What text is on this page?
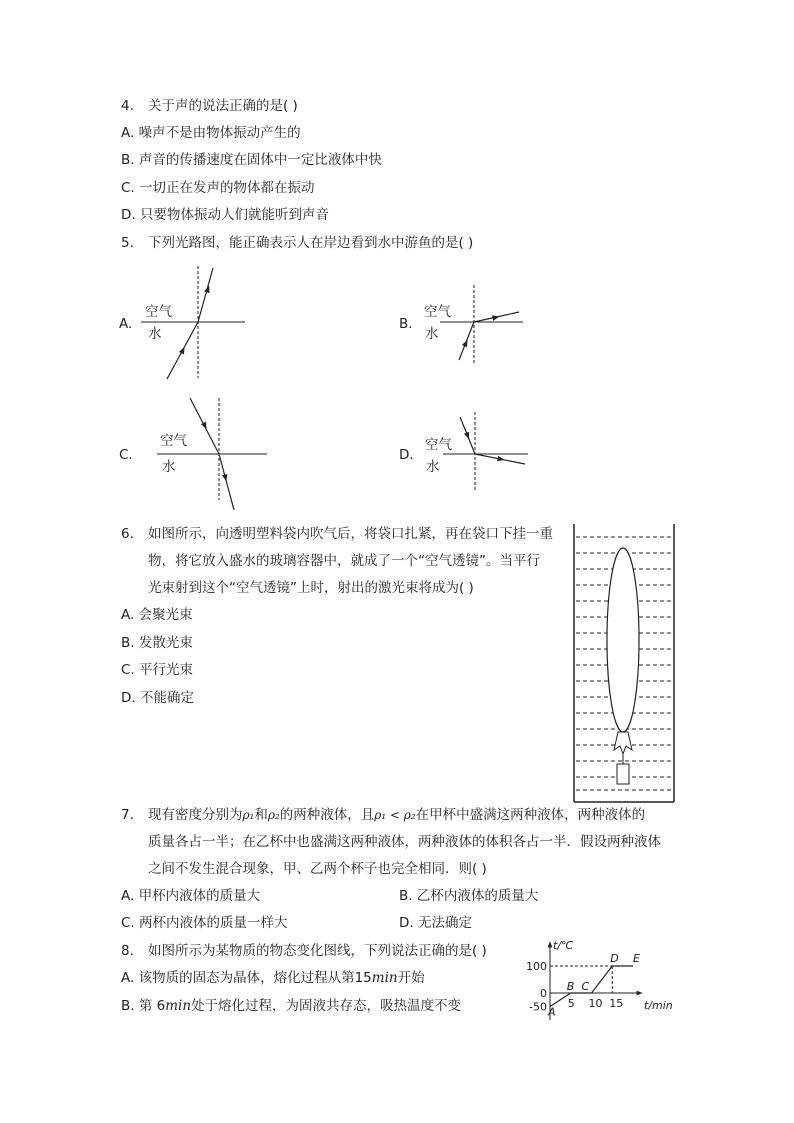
4. 关于声的说法正确的是( )
A. 噪声不是由物体振动产生的
B. 声音的传播速度在固体中一定比液体中快
C. 一切正在发声的物体都在振动
D. 只要物体振动人们就能听到声音
5. 下列光路图，能正确表示人在岸边看到水中游鱼的是( )
A.
空气
水
B.
空气
水
C.
空气
水
D.
空气
水
6. 如图所示，向透明塑料袋内吹气后，将袋口扎紧，再在袋口下挂一重
物，将它放入盛水的玻璃容器中，就成了一个“空气透镜”。当平行
光束射到这个“空气透镜”上时，射出的激光束将成为( )
A. 会聚光束
B. 发散光束
C. 平行光束
D. 不能确定
7. 现有密度分别为ρ₁和ρ₂的两种液体，且ρ₁ < ρ₂在甲杯中盛满这两种液体，两种液体的
质量各占一半；在乙杯中也盛满这两种液体，两种液体的体积各占一半．假设两种液体
之间不发生混合现象，甲、乙两个杯子也完全相同．则( )
A. 甲杯内液体的质量大	B. 乙杯内液体的质量大
C. 两杯内液体的质量一样大	D. 无法确定
8. 如图所示为某物质的物态变化图线，下列说法正确的是( )
A. 该物质的固态为晶体，熔化过程从第15min开始
B. 第 6min处于熔化过程，为固液共存态，吸热温度不变
t/℃
t/min
A
B C
D E
5 10 15
100
0
-50
